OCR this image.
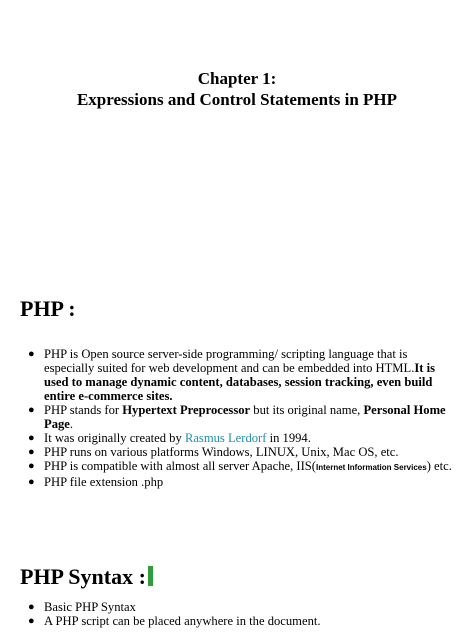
Chapter 1:
Expressions and Control Statements in PHP
PHP :
● PHP is Open source server-side programming/ scripting language that is especially suited for web development and can be embedded into HTML.It is used to manage dynamic content, databases, session tracking, even build entire e-commerce sites.
● PHP stands for Hypertext Preprocessor but its original name, Personal Home Page.
● It was originally created by Rasmus Lerdorf in 1994.
● PHP runs on various platforms Windows, LINUX, Unix, Mac OS, etc.
● PHP is compatible with almost all server Apache, IIS(Internet Information Services) etc.
● PHP file extension .php
PHP Syntax :
● Basic PHP Syntax
● A PHP script can be placed anywhere in the document.
